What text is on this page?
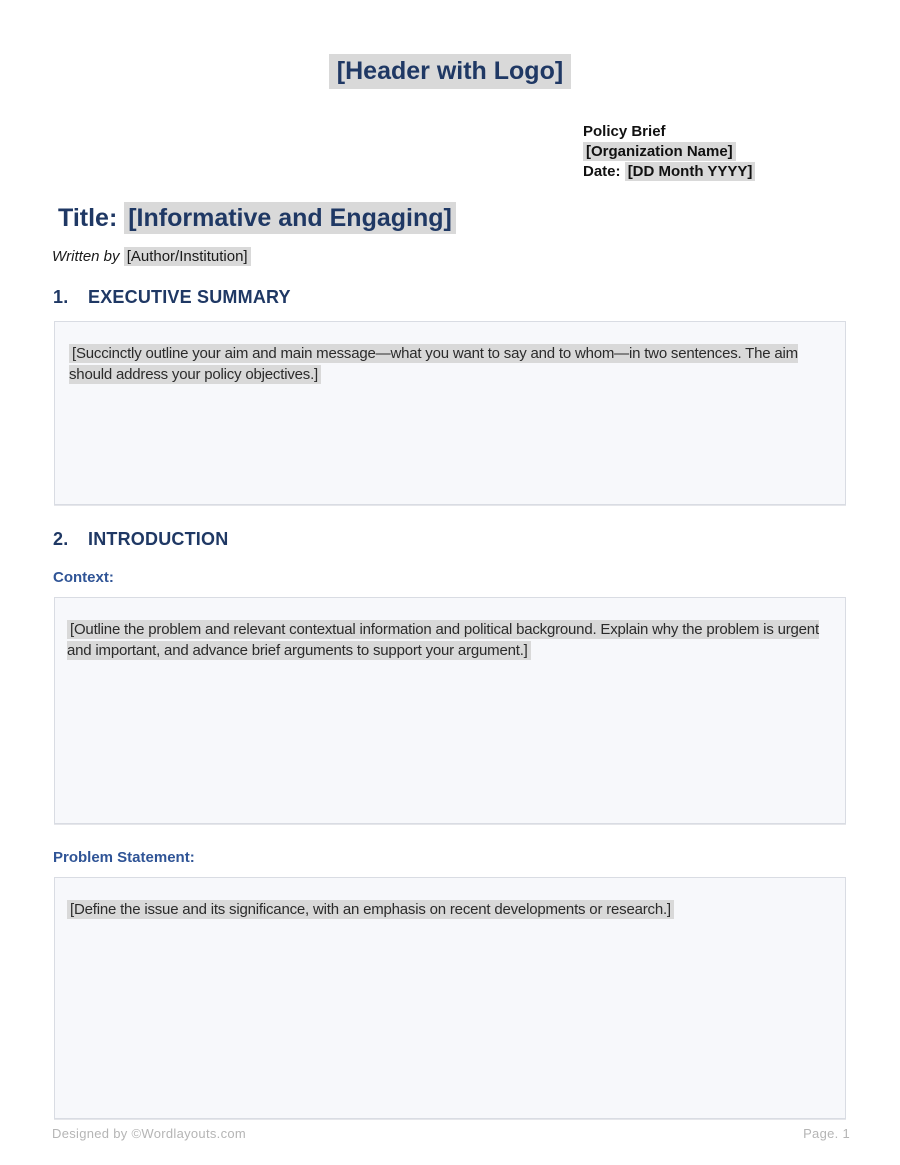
[Header with Logo]
Policy Brief
[Organization Name]
Date: [DD Month YYYY]
Title: [Informative and Engaging]
Written by [Author/Institution]
1.	EXECUTIVE SUMMARY

[Succinctly outline your aim and main message—what you want to say and to whom—in two sentences. The aim should address your policy objectives.]

2.	INTRODUCTION
Context:

[Outline the problem and relevant contextual information and political background. Explain why the problem is urgent and important, and advance brief arguments to support your argument.]

Problem Statement:

[Define the issue and its significance, with an emphasis on recent developments or research.]

Designed by ©Wordlayouts.com	Page. 1
